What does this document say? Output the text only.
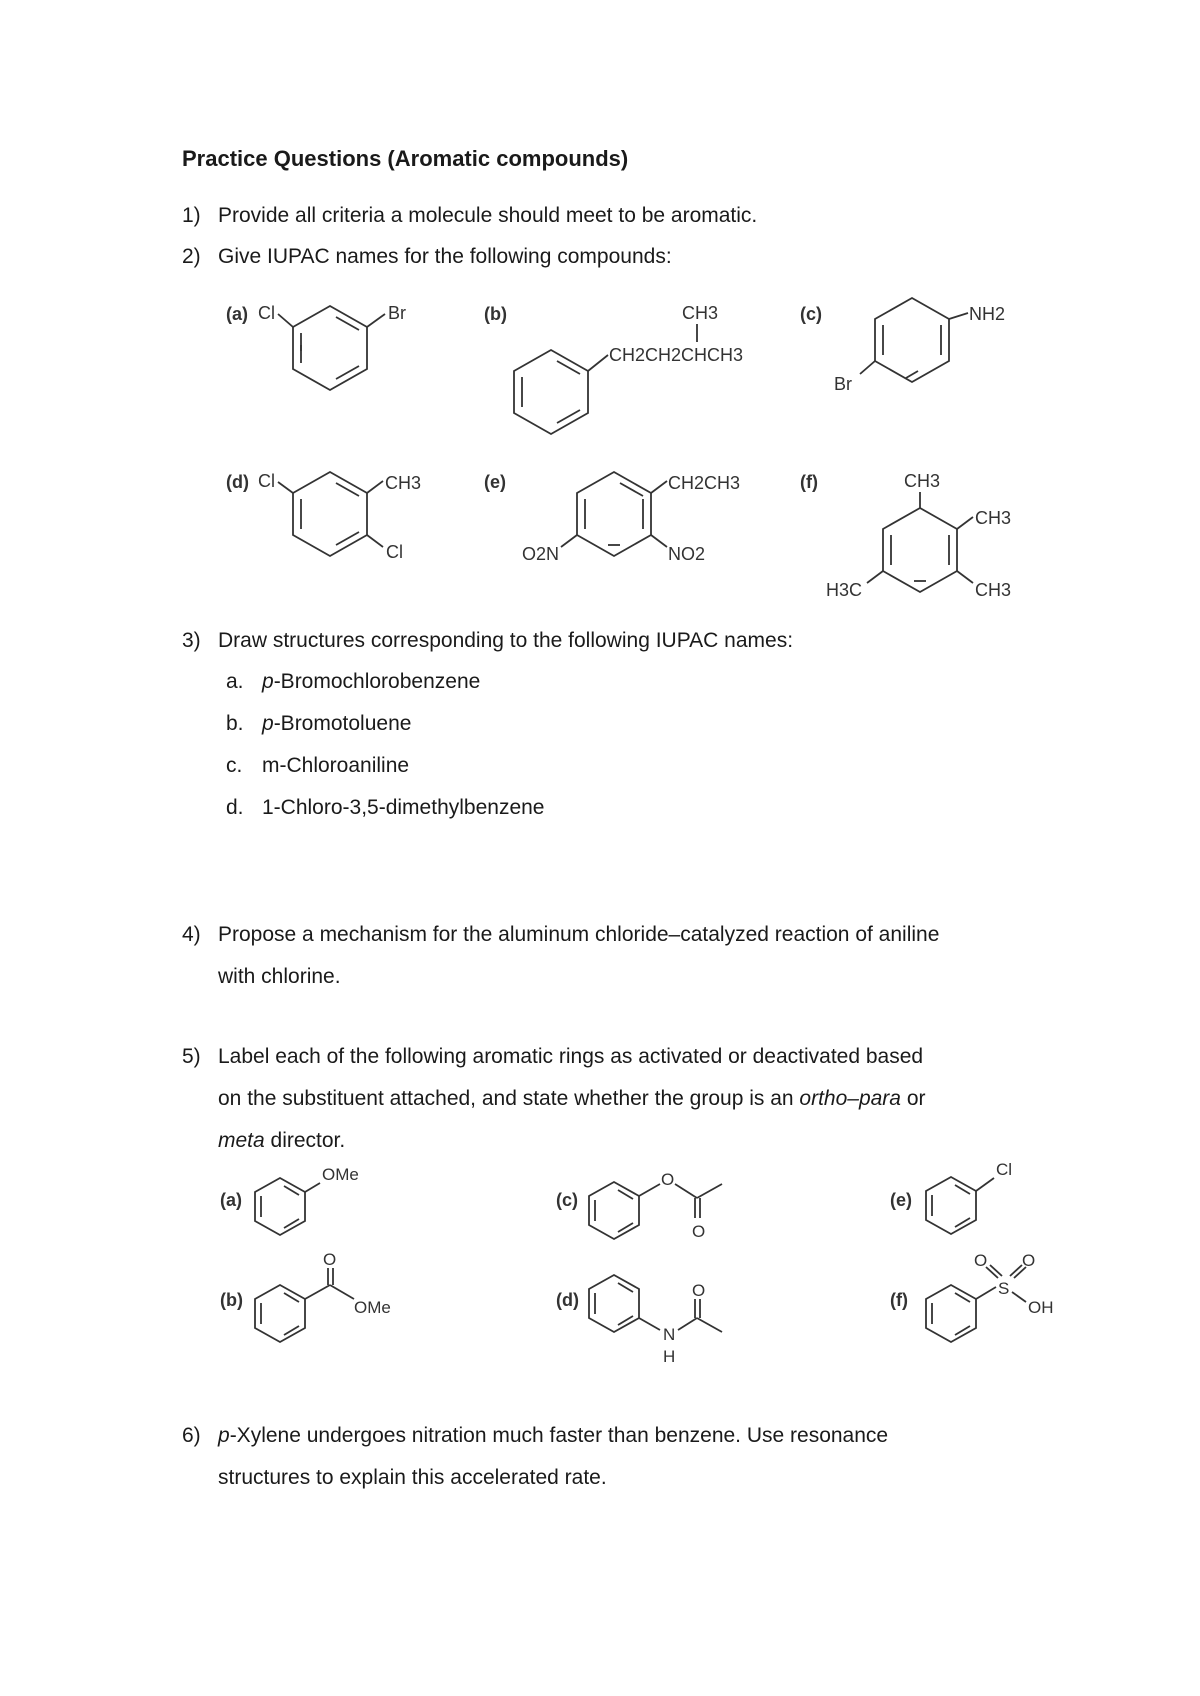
Practice Questions (Aromatic compounds)
1) Provide all criteria a molecule should meet to be aromatic.
2) Give IUPAC names for the following compounds:
3) Draw structures corresponding to the following IUPAC names:
a. p-Bromochlorobenzene
b. p-Bromotoluene
c. m-Chloroaniline
d. 1-Chloro-3,5-dimethylbenzene
4) Propose a mechanism for the aluminum chloride–catalyzed reaction of aniline
with chlorine.
5) Label each of the following aromatic rings as activated or deactivated based
on the substituent attached, and state whether the group is an ortho–para or
meta director.
6) p-Xylene undergoes nitration much faster than benzene. Use resonance
structures to explain this accelerated rate.
(a) Cl	Br	(b)
CH2CH2CHCH3
CH3	(c)	NH2
Br
(d) Cl	CH3
Cl
(e)	CH2CH3
O2N	NO2
(f)	CH3
CH3
H3C	CH3
(a)
OMe
(b)
O
OMe
(c)
O
O
(d)
N
H
O
(e)
Cl
(f)
S
O O
OH
